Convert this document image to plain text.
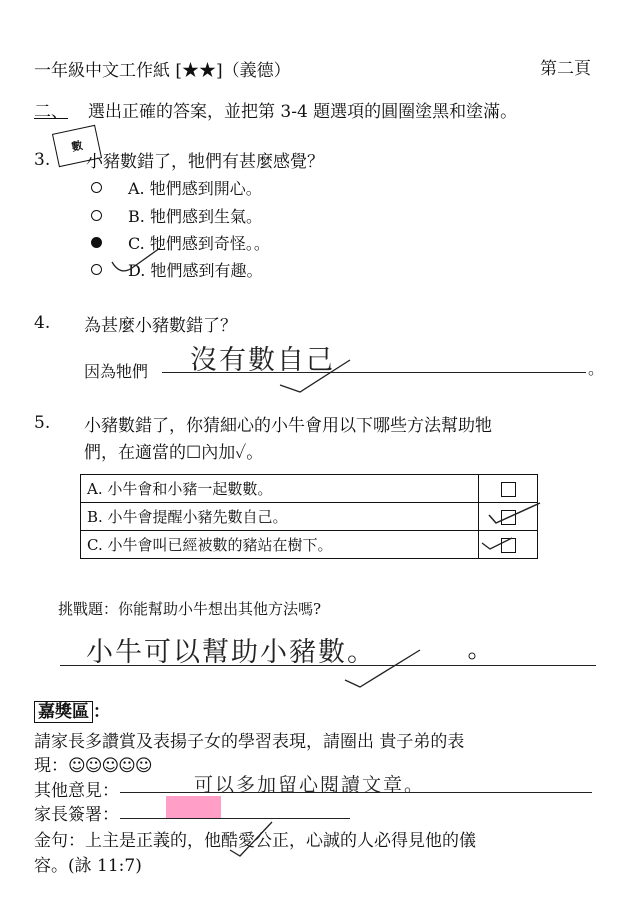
一年級中文工作紙 [★★]（義德）	第二頁
二、 選出正確的答案，並把第 3-4 題選項的圓圈塗黑和塗滿。
數
3. 小豬數錯了，牠們有甚麼感覺？
A. 牠們感到開心。
B. 牠們感到生氣。
C. 牠們感到奇怪。。
D. 牠們感到有趣。
4. 為甚麼小豬數錯了？
因為牠們 沒有數自己	。
5. 小豬數錯了，你猜細心的小牛會用以下哪些方法幫助牠
們，在適當的☐內加✓。
A. 小牛會和小豬一起數數。	
B. 小牛會提醒小豬先數自己。	
C. 小牛會叫已經被數的豬站在樹下。	
挑戰題：你能幫助小牛想出其他方法嗎?
小牛可以幫助小豬數。
嘉獎區 ：
請家長多讚賞及表揚子女的學習表現，請圈出 貴子弟的表
現：☺☺☺☺☺
其他意見：	可以多加留心閱讀文章。
家長簽署：
金句：上主是正義的，他酷愛公正，心誠的人必得見他的儀
容。(詠 11:7)
